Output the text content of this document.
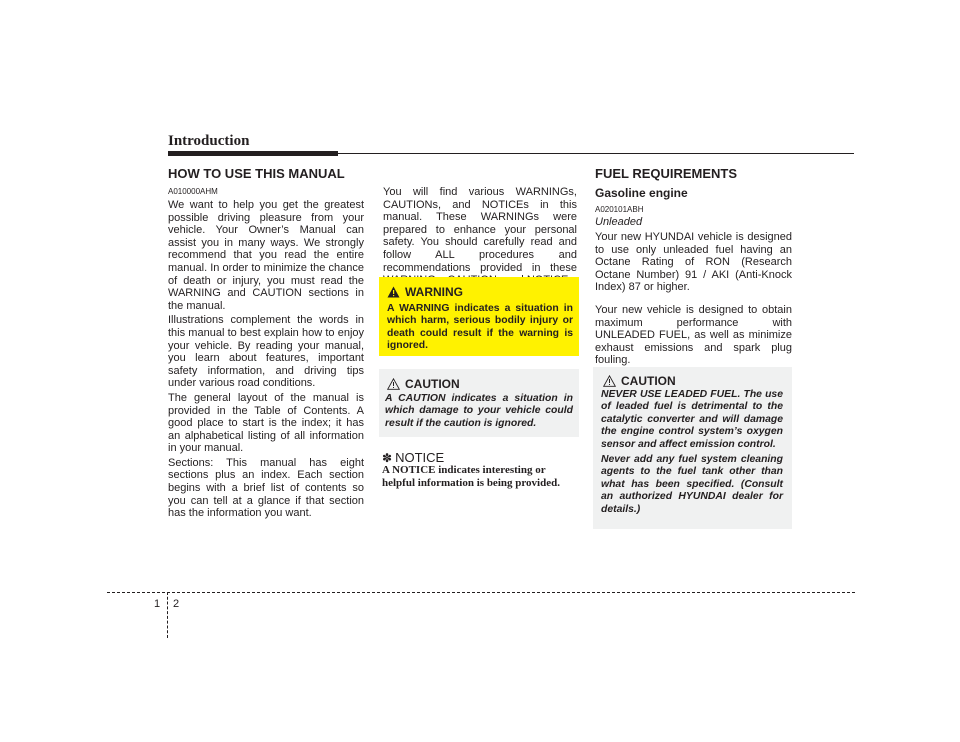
Introduction
HOW TO USE THIS MANUAL
A010000AHM

We want to help you get the greatest possible driving pleasure from your vehicle. Your Owner’s Manual can assist you in many ways. We strongly recommend that you read the entire manual. In order to minimize the chance of death or injury, you must read the WARNING and CAUTION sections in the manual.

Illustrations complement the words in this manual to best explain how to enjoy your vehicle. By reading your manual, you learn about features, important safety information, and driving tips under various road conditions.

The general layout of the manual is provided in the Table of Contents. A good place to start is the index; it has an alphabetical listing of all information in your manual.

Sections: This manual has eight sections plus an index. Each section begins with a brief list of contents so you can tell at a glance if that section has the information you want.

You will find various WARNINGs, CAUTIONs, and NOTICEs in this manual. These WARNINGs were prepared to enhance your personal safety. You should carefully read and follow ALL procedures and recommendations provided in these

WARNING
A WARNING indicates a situation in which harm, serious bodily injury or death could result if the warning is ignored.
CAUTION
A CAUTION indicates a situation in which damage to your vehicle could result if the caution is ignored.
✽ NOTICE
A NOTICE indicates interesting or helpful information is being provided.
FUEL REQUIREMENTS
Gasoline engine
A020101ABH
Unleaded

Your new HYUNDAI vehicle is designed to use only unleaded fuel having an Octane Rating of RON (Research Octane Number) 91 / AKI (Anti-Knock Index) 87 or higher.

Your new vehicle is designed to obtain maximum performance with UNLEADED FUEL, as well as minimize exhaust emissions and spark plug fouling.

CAUTION

NEVER USE LEADED FUEL. The use of leaded fuel is detrimental to the catalytic converter and will damage the engine control system’s oxygen sensor and affect emission control.

Never add any fuel system cleaning agents to the fuel tank other than what has been specified. (Consult an authorized HYUNDAI dealer for details.)

1 2
